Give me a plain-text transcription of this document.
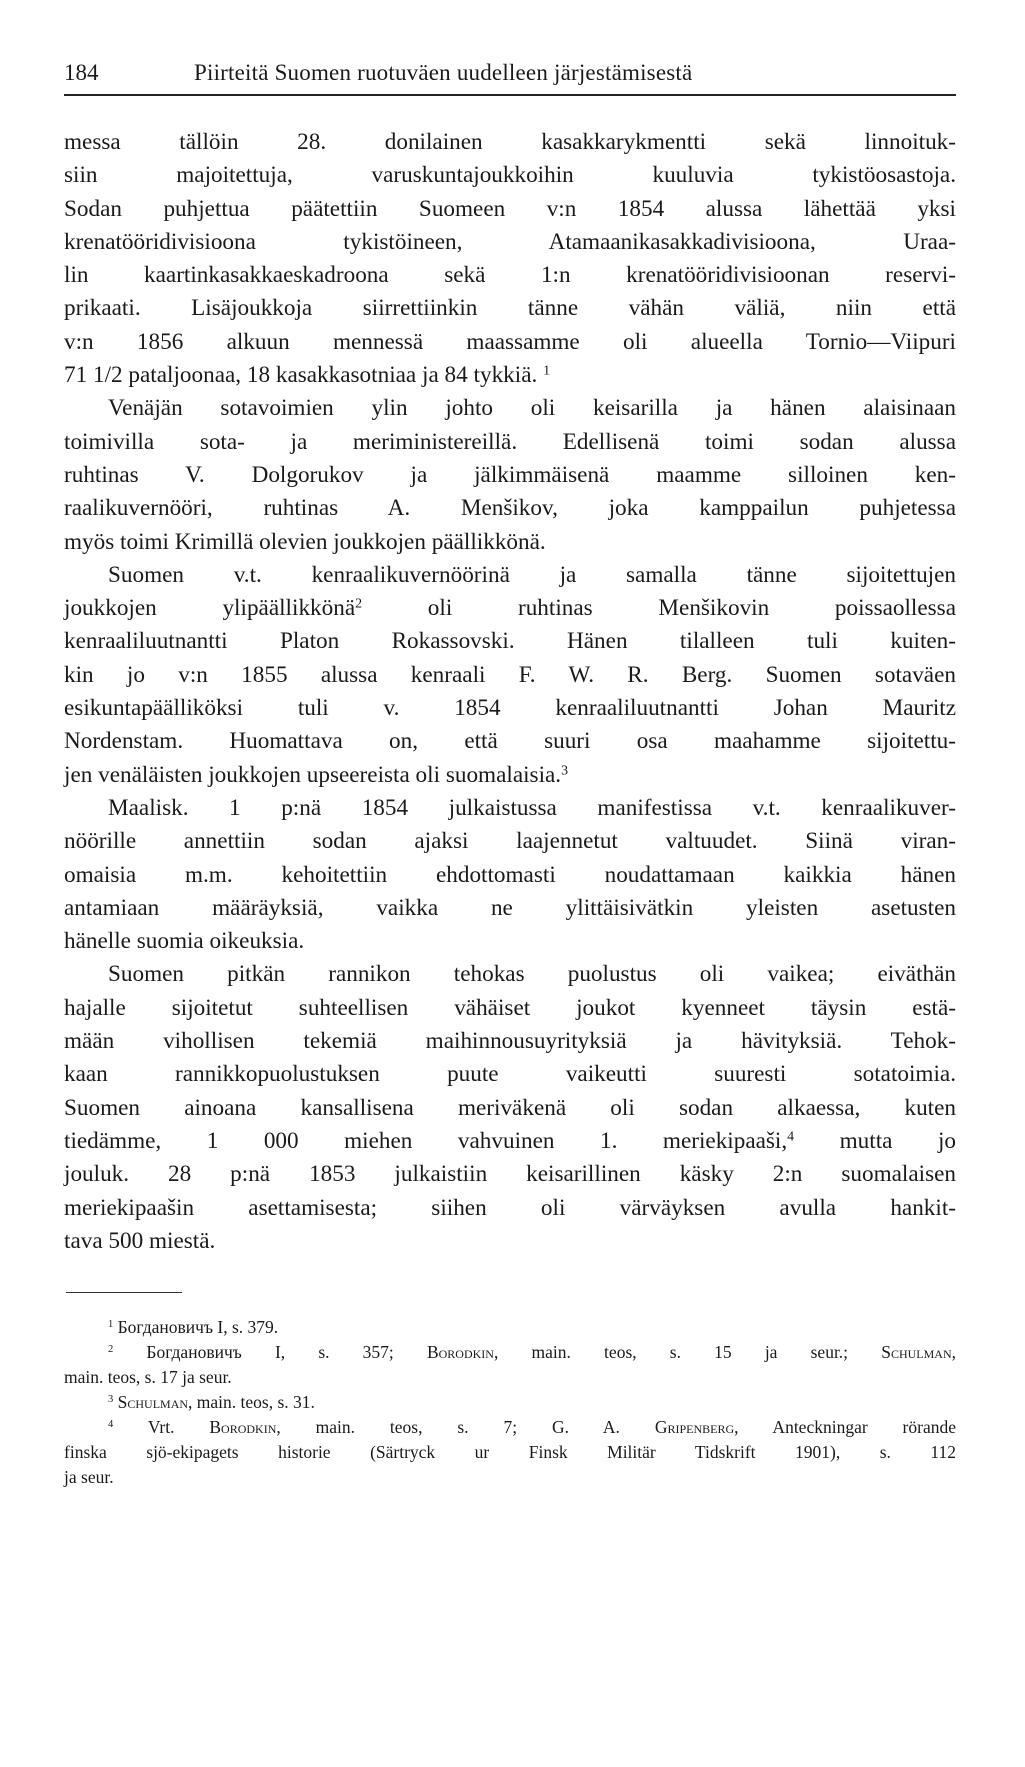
184	Piirteitä Suomen ruotuväen uudelleen järjestämisestä
messa tällöin 28. donilainen kasakkarykmentti sekä linnoituk-
siin majoitettuja, varuskuntajoukkoihin kuuluvia tykistöosastoja.
Sodan puhjettua päätettiin Suomeen v:n 1854 alussa lähettää yksi
krenatööridivisioona tykistöineen, Atamaanikasakkadivisioona, Uraa-
lin kaartinkasakkaeskadroona sekä 1:n krenatööridivisioonan reservi-
prikaati. Lisäjoukkoja siirrettiinkin tänne vähän väliä, niin että
v:n 1856 alkuun mennessä maassamme oli alueella Tornio—Viipuri
71 1/2 pataljoonaa, 18 kasakkasotniaa ja 84 tykkiä. $^1$
Venäjän sotavoimien ylin johto oli keisarilla ja hänen alaisinaan
toimivilla sota- ja meriministereillä. Edellisenä toimi sodan alussa
ruhtinas V. Dolgorukov ja jälkimmäisenä maamme silloinen ken-
raalikuvernööri, ruhtinas A. Menšikov, joka kamppailun puhjetessa
myös toimi Krimillä olevien joukkojen päällikkönä.
Suomen v.t. kenraalikuvernöörinä ja samalla tänne sijoitettujen
joukkojen ylipäällikkönä$^2$ oli ruhtinas Menšikovin poissaollessa
kenraaliluutnantti Platon Rokassovski. Hänen tilalleen tuli kuiten-
kin jo v:n 1855 alussa kenraali F. W. R. Berg. Suomen sotaväen
esikuntapäälliköksi tuli v. 1854 kenraaliluutnantti Johan Mauritz
Nordenstam. Huomattava on, että suuri osa maahamme sijoitettu-
jen venäläisten joukkojen upseereista oli suomalaisia.$^3$
Maalisk. 1 p:nä 1854 julkaistussa manifestissa v.t. kenraalikuver-
nöörille annettiin sodan ajaksi laajennetut valtuudet. Siinä viran-
omaisia m.m. kehoitettiin ehdottomasti noudattamaan kaikkia hänen
antamiaan määräyksiä, vaikka ne ylittäisivätkin yleisten asetusten
hänelle suomia oikeuksia.
Suomen pitkän rannikon tehokas puolustus oli vaikea; eiväthän
hajalle sijoitetut suhteellisen vähäiset joukot kyenneet täysin estä-
mään vihollisen tekemiä maihinnousuyrityksiä ja hävityksiä. Tehok-
kaan rannikkopuolustuksen puute vaikeutti suuresti sotatoimia.
Suomen ainoana kansallisena meriväkenä oli sodan alkaessa, kuten
tiedämme, 1 000 miehen vahvuinen 1. meriekipaaši,$^4$ mutta jo
jouluk. 28 p:nä 1853 julkaistiin keisarillinen käsky 2:n suomalaisen
meriekipaašin asettamisesta; siihen oli värväyksen avulla hankit-
tava 500 miestä.
$^1$ Богдановичъ I, s. 379.
$^2$ Богдановичъ I, s. 357; Borodkin, main. teos, s. 15 ja seur.; Schulman,
main. teos, s. 17 ja seur.
$^3$ Schulman, main. teos, s. 31.
$^4$ Vrt. Borodkin, main. teos, s. 7; G. A. Gripenberg, Anteckningar rörande
finska sjö-ekipagets historie (Särtryck ur Finsk Militär Tidskrift 1901), s. 112
ja seur.
